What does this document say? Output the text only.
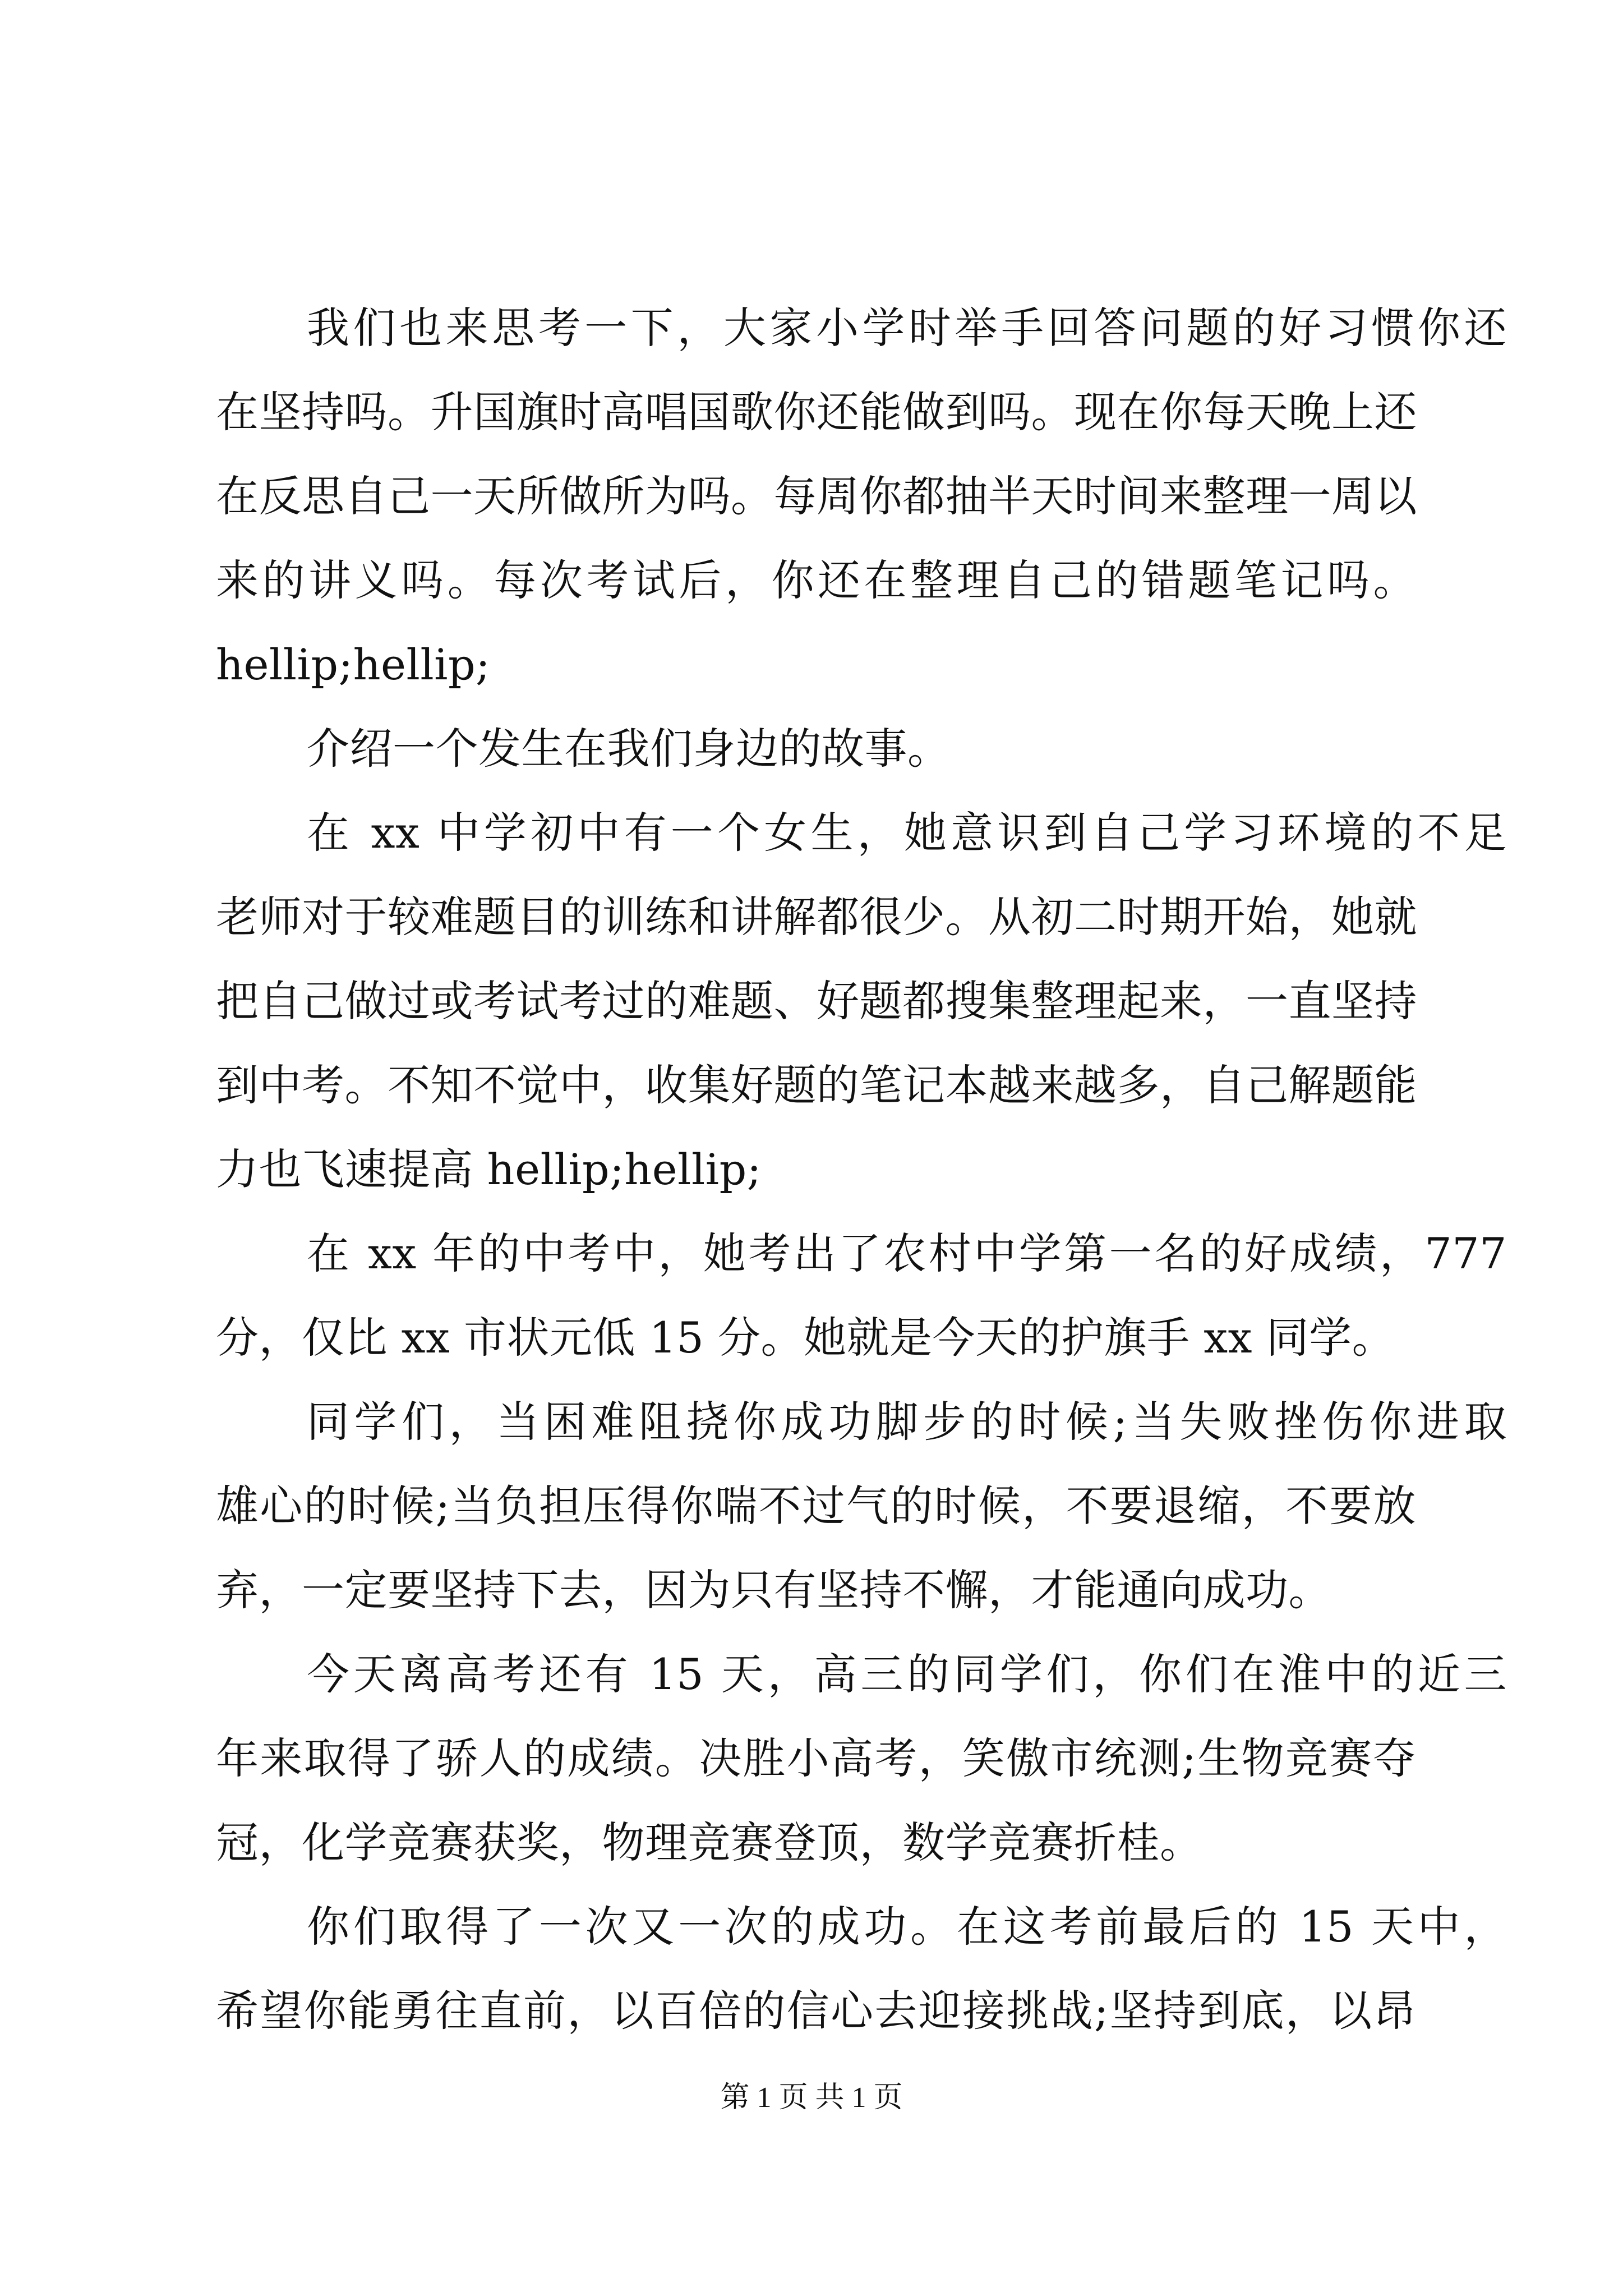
我们也来思考一下，大家小学时举手回答问题的好习惯你还
在坚持吗。升国旗时高唱国歌你还能做到吗。现在你每天晚上还
在反思自己一天所做所为吗。每周你都抽半天时间来整理一周以
来的讲义吗。每次考试后，你还在整理自己的错题笔记吗。
hellip;hellip;
介绍一个发生在我们身边的故事。
在 xx 中学初中有一个女生，她意识到自己学习环境的不足
老师对于较难题目的训练和讲解都很少。从初二时期开始，她就
把自己做过或考试考过的难题、好题都搜集整理起来，一直坚持
到中考。不知不觉中，收集好题的笔记本越来越多，自己解题能
力也飞速提高 hellip;hellip;
在 xx 年的中考中，她考出了农村中学第一名的好成绩，777
分，仅比 xx 市状元低 15 分。她就是今天的护旗手 xx 同学。
同学们，当困难阻挠你成功脚步的时候;当失败挫伤你进取
雄心的时候;当负担压得你喘不过气的时候，不要退缩，不要放
弃，一定要坚持下去，因为只有坚持不懈，才能通向成功。
今天离高考还有 15 天，高三的同学们，你们在淮中的近三
年来取得了骄人的成绩。决胜小高考，笑傲市统测;生物竞赛夺
冠，化学竞赛获奖，物理竞赛登顶，数学竞赛折桂。
你们取得了一次又一次的成功。在这考前最后的 15 天中，
希望你能勇往直前，以百倍的信心去迎接挑战;坚持到底，以昂
第 1 页 共 1 页
